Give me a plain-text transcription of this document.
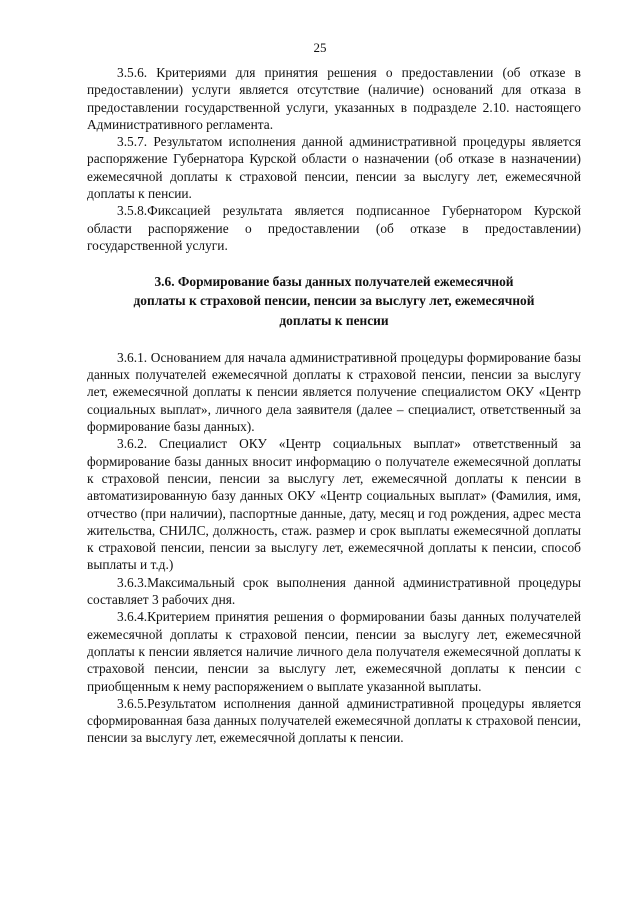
25

3.5.6. Критериями для принятия решения о предоставлении (об отказе в предоставлении) услуги является отсутствие (наличие) оснований для отказа в предоставлении государственной услуги, указанных в подразделе 2.10. настоящего Административного регламента.

3.5.7. Результатом исполнения данной административной процедуры является распоряжение Губернатора Курской области о назначении (об отказе в назначении) ежемесячной доплаты к страховой пенсии, пенсии за выслугу лет, ежемесячной доплаты к пенсии.

3.5.8.Фиксацией результата является подписанное Губернатором Курской области распоряжение о предоставлении (об отказе в предоставлении) государственной услуги.

3.6. Формирование базы данных получателей ежемесячной
доплаты к страховой пенсии, пенсии за выслугу лет, ежемесячной
доплаты к пенсии

3.6.1. Основанием для начала административной процедуры формирование базы данных получателей ежемесячной доплаты к страховой пенсии, пенсии за выслугу лет, ежемесячной доплаты к пенсии является получение специалистом ОКУ «Центр социальных выплат», личного дела заявителя (далее – специалист, ответственный за формирование базы данных).

3.6.2. Специалист ОКУ «Центр социальных выплат» ответственный за формирование базы данных вносит информацию о получателе ежемесячной доплаты к страховой пенсии, пенсии за выслугу лет, ежемесячной доплаты к пенсии в автоматизированную базу данных ОКУ «Центр социальных выплат» (Фамилия, имя, отчество (при наличии), паспортные данные, дату, месяц и год рождения, адрес места жительства, СНИЛС, должность, стаж. размер и срок выплаты ежемесячной доплаты к страховой пенсии, пенсии за выслугу лет, ежемесячной доплаты к пенсии, способ выплаты и т.д.)

3.6.3.Максимальный срок выполнения данной административной процедуры составляет 3 рабочих дня.

3.6.4.Критерием принятия решения о формировании базы данных получателей ежемесячной доплаты к страховой пенсии, пенсии за выслугу лет, ежемесячной доплаты к пенсии является наличие личного дела получателя ежемесячной доплаты к страховой пенсии, пенсии за выслугу лет, ежемесячной доплаты к пенсии с приобщенным к нему распоряжением о выплате указанной выплаты.

3.6.5.Результатом исполнения данной административной процедуры является сформированная база данных получателей ежемесячной доплаты к страховой пенсии, пенсии за выслугу лет, ежемесячной доплаты к пенсии.
